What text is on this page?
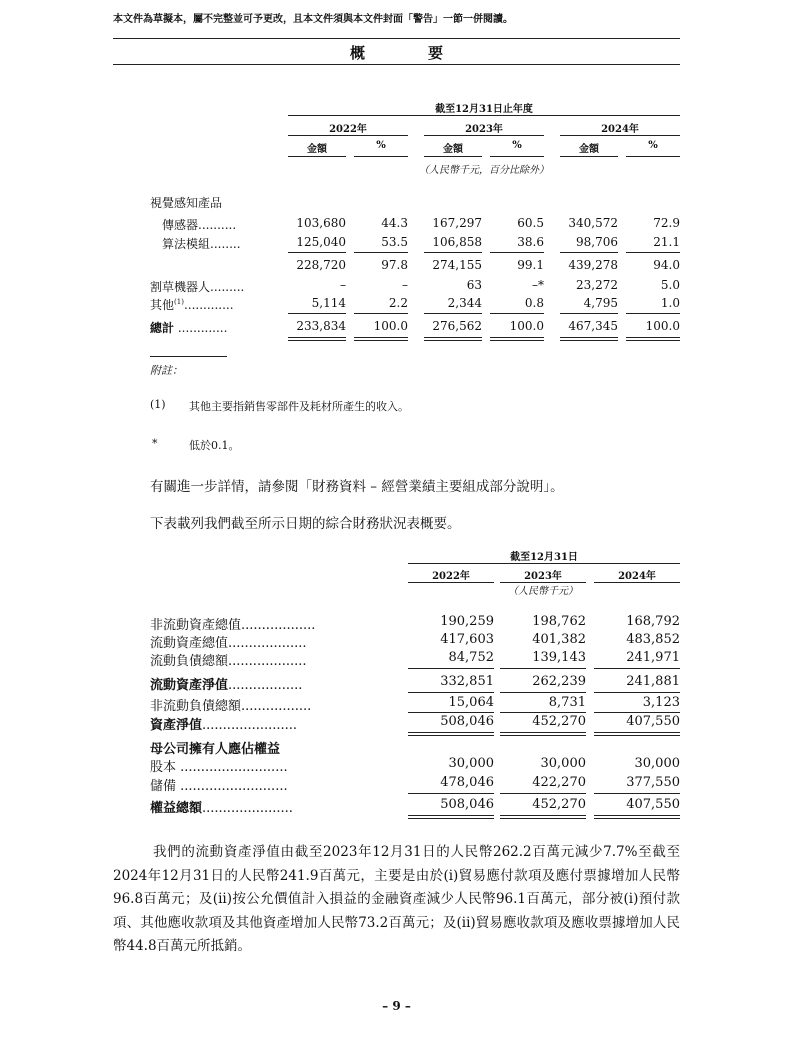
本文件為草擬本，屬不完整並可予更改，且本文件須與本文件封面「警告」一節一併閱讀。
概　要
截至12月31日止年度
2022年	2023年	2024年
金額	%	金額	%	金額	%
（人民幣千元，百分比除外）
視覺感知產品
傳感器..........	103,680	44.3	167,297	60.5	340,572	72.9
算法模組........	125,040	53.5	106,858	38.6	98,706	21.1
228,720	97.8	274,155	99.1	439,278	94.0
割草機器人.........	–	–	63	–*	23,272	5.0
其他$^{(1)}$.............	5,114	2.2	2,344	0.8	4,795	1.0
總計 .............	233,834	100.0	276,562	100.0	467,345	100.0
附註：
(1) 其他主要指銷售零部件及耗材所產生的收入。
*	低於0.1。
有關進一步詳情，請參閱「財務資料 – 經營業績主要組成部分說明」。
下表載列我們截至所示日期的綜合財務狀況表概要。
截至12月31日
2022年	2023年	2024年
（人民幣千元）
非流動資產總值..................	190,259	198,762	168,792
流動資產總值...................	417,603	401,382	483,852
流動負債總額...................	84,752	139,143	241,971
流動資產淨值..................	332,851	262,239	241,881
非流動負債總額.................	15,064	8,731	3,123
資產淨值.......................	508,046	452,270	407,550
母公司擁有人應佔權益
股本 ..........................	30,000	30,000	30,000
儲備 ..........................	478,046	422,270	377,550
權益總額......................	508,046	452,270	407,550

我們的流動資產淨值由截至2023年12月31日的人民幣262.2百萬元減少7.7%至截至2024年12月31日的人民幣241.9百萬元，主要是由於(i)貿易應付款項及應付票據增加人民幣96.8百萬元；及(ii)按公允價值計入損益的金融資產減少人民幣96.1百萬元，部分被(i)預付款項、其他應收款項及其他資產增加人民幣73.2百萬元；及(ii)貿易應收款項及應收票據增加人民幣44.8百萬元所抵銷。

– 9 –
